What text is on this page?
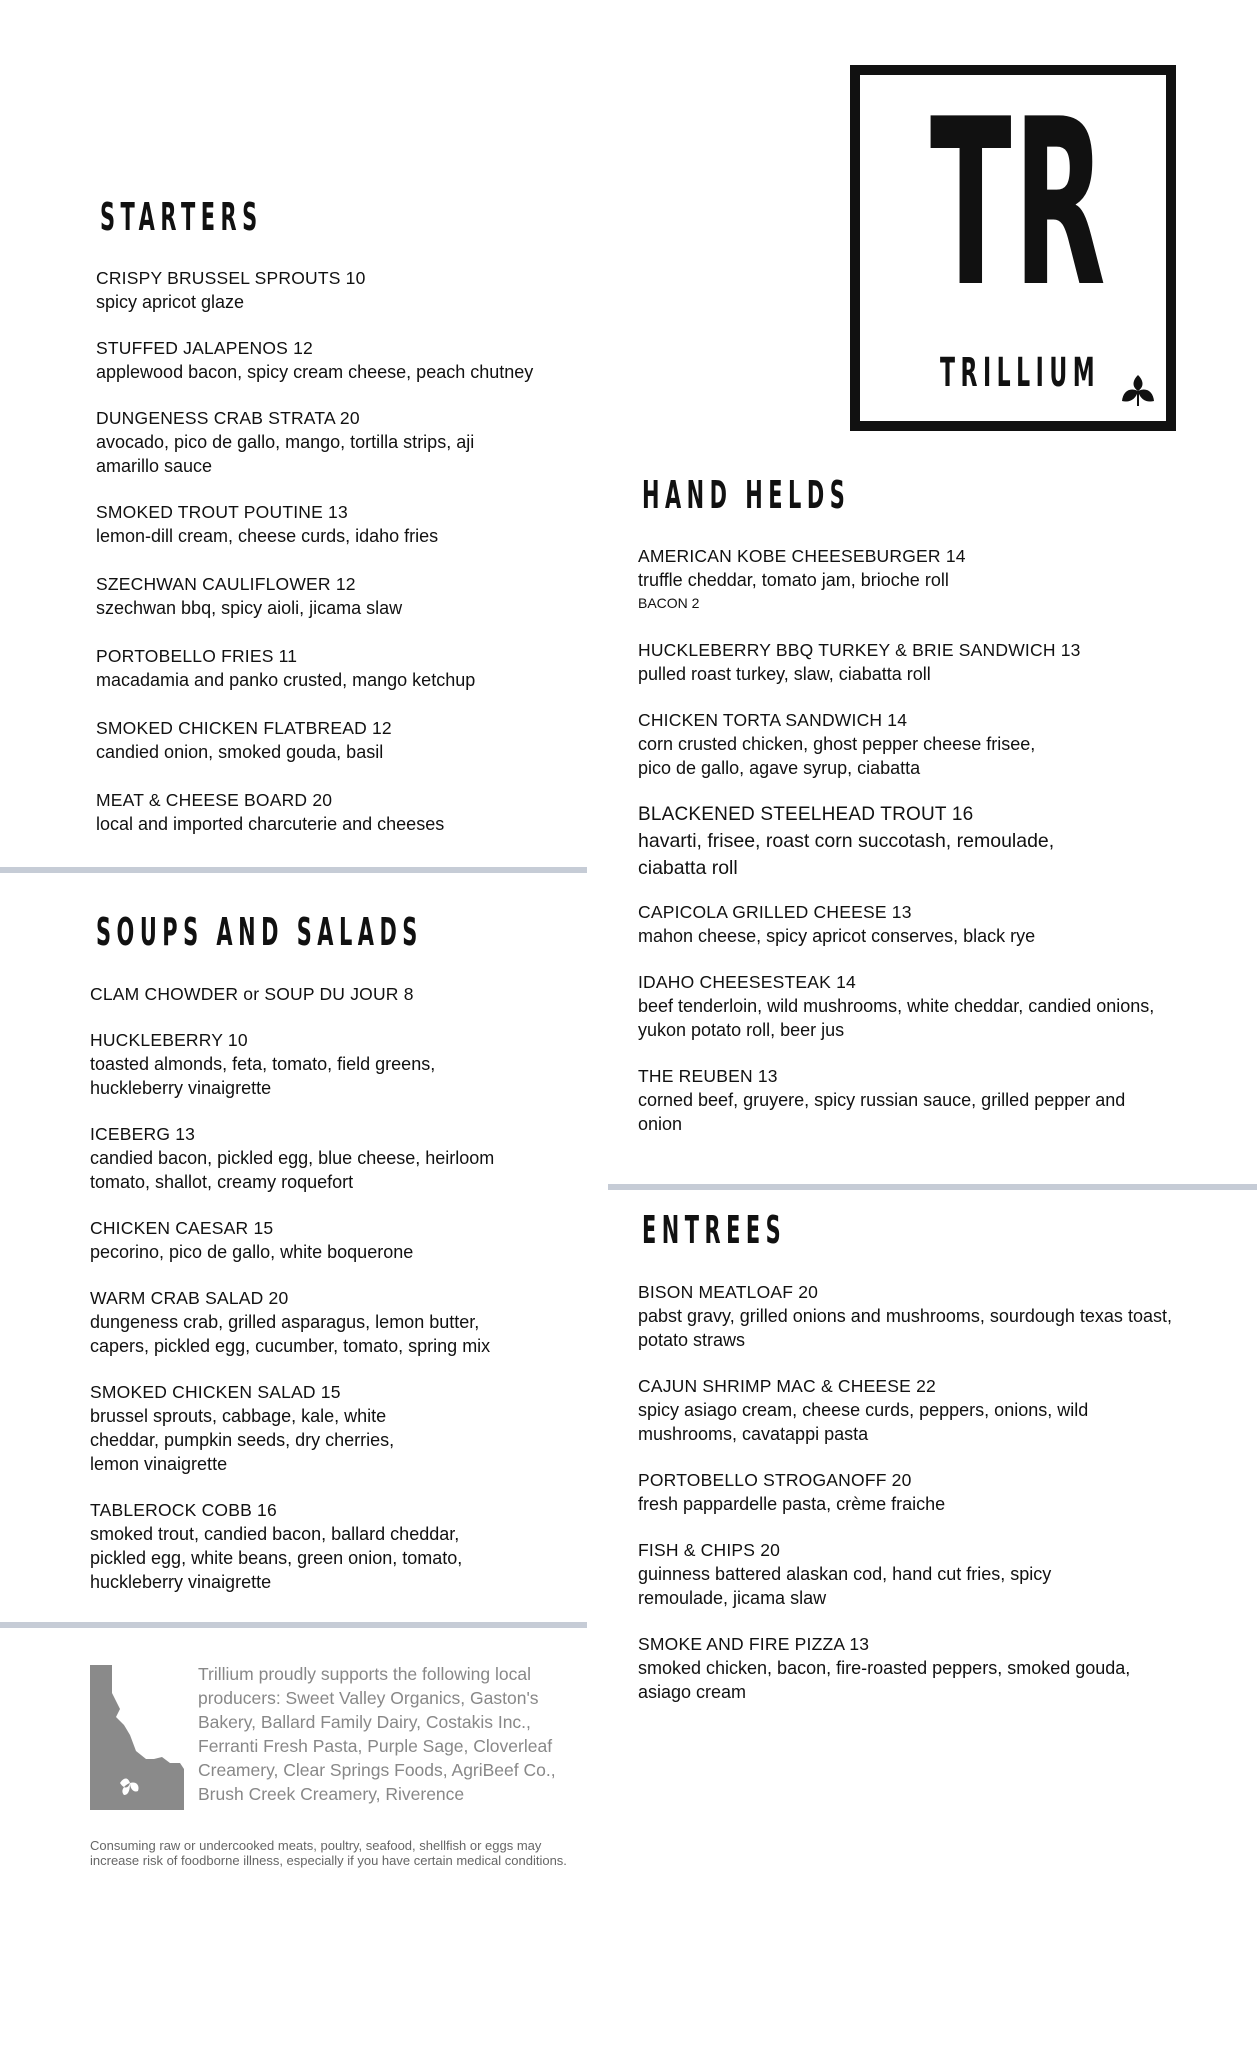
TR
TRILLIUM
STARTERS
CRISPY BRUSSEL SPROUTS 10
spicy apricot glaze
STUFFED JALAPENOS 12
applewood bacon, spicy cream cheese, peach chutney
DUNGENESS CRAB STRATA 20
avocado, pico de gallo, mango, tortilla strips, aji amarillo sauce
SMOKED TROUT POUTINE 13
lemon-dill cream, cheese curds, idaho fries
SZECHWAN CAULIFLOWER 12
szechwan bbq, spicy aioli, jicama slaw
PORTOBELLO FRIES 11
macadamia and panko crusted, mango ketchup
SMOKED CHICKEN FLATBREAD 12
candied onion, smoked gouda, basil
MEAT & CHEESE BOARD 20
local and imported charcuterie and cheeses
SOUPS AND SALADS
CLAM CHOWDER or SOUP DU JOUR 8
HUCKLEBERRY 10
toasted almonds, feta, tomato, field greens, huckleberry vinaigrette
ICEBERG 13
candied bacon, pickled egg, blue cheese, heirloom tomato, shallot, creamy roquefort
CHICKEN CAESAR 15
pecorino, pico de gallo, white boquerone
WARM CRAB SALAD 20
dungeness crab, grilled asparagus, lemon butter, capers, pickled egg, cucumber, tomato, spring mix
SMOKED CHICKEN SALAD 15
brussel sprouts, cabbage, kale, white cheddar, pumpkin seeds, dry cherries, lemon vinaigrette
TABLEROCK COBB 16
smoked trout, candied bacon, ballard cheddar, pickled egg, white beans, green onion, tomato, huckleberry vinaigrette
Trillium proudly supports the following local producers: Sweet Valley Organics, Gaston's Bakery, Ballard Family Dairy, Costakis Inc., Ferranti Fresh Pasta, Purple Sage, Cloverleaf Creamery, Clear Springs Foods, AgriBeef Co., Brush Creek Creamery, Riverence
Consuming raw or undercooked meats, poultry, seafood, shellfish or eggs may increase risk of foodborne illness, especially if you have certain medical conditions.
HAND HELDS
AMERICAN KOBE CHEESEBURGER 14
truffle cheddar, tomato jam, brioche roll
BACON 2
HUCKLEBERRY BBQ TURKEY & BRIE SANDWICH 13
pulled roast turkey, slaw, ciabatta roll
CHICKEN TORTA SANDWICH 14
corn crusted chicken, ghost pepper cheese frisee, pico de gallo, agave syrup, ciabatta
BLACKENED STEELHEAD TROUT 16
havarti, frisee, roast corn succotash, remoulade, ciabatta roll
CAPICOLA GRILLED CHEESE 13
mahon cheese, spicy apricot conserves, black rye
IDAHO CHEESESTEAK 14
beef tenderloin, wild mushrooms, white cheddar, candied onions, yukon potato roll, beer jus
THE REUBEN 13
corned beef, gruyere, spicy russian sauce, grilled pepper and onion
ENTREES
BISON MEATLOAF 20
pabst gravy, grilled onions and mushrooms, sourdough texas toast, potato straws
CAJUN SHRIMP MAC & CHEESE 22
spicy asiago cream, cheese curds, peppers, onions, wild mushrooms, cavatappi pasta
PORTOBELLO STROGANOFF 20
fresh pappardelle pasta, crème fraiche
FISH & CHIPS 20
guinness battered alaskan cod, hand cut fries, spicy remoulade, jicama slaw
SMOKE AND FIRE PIZZA 13
smoked chicken, bacon, fire-roasted peppers, smoked gouda, asiago cream
